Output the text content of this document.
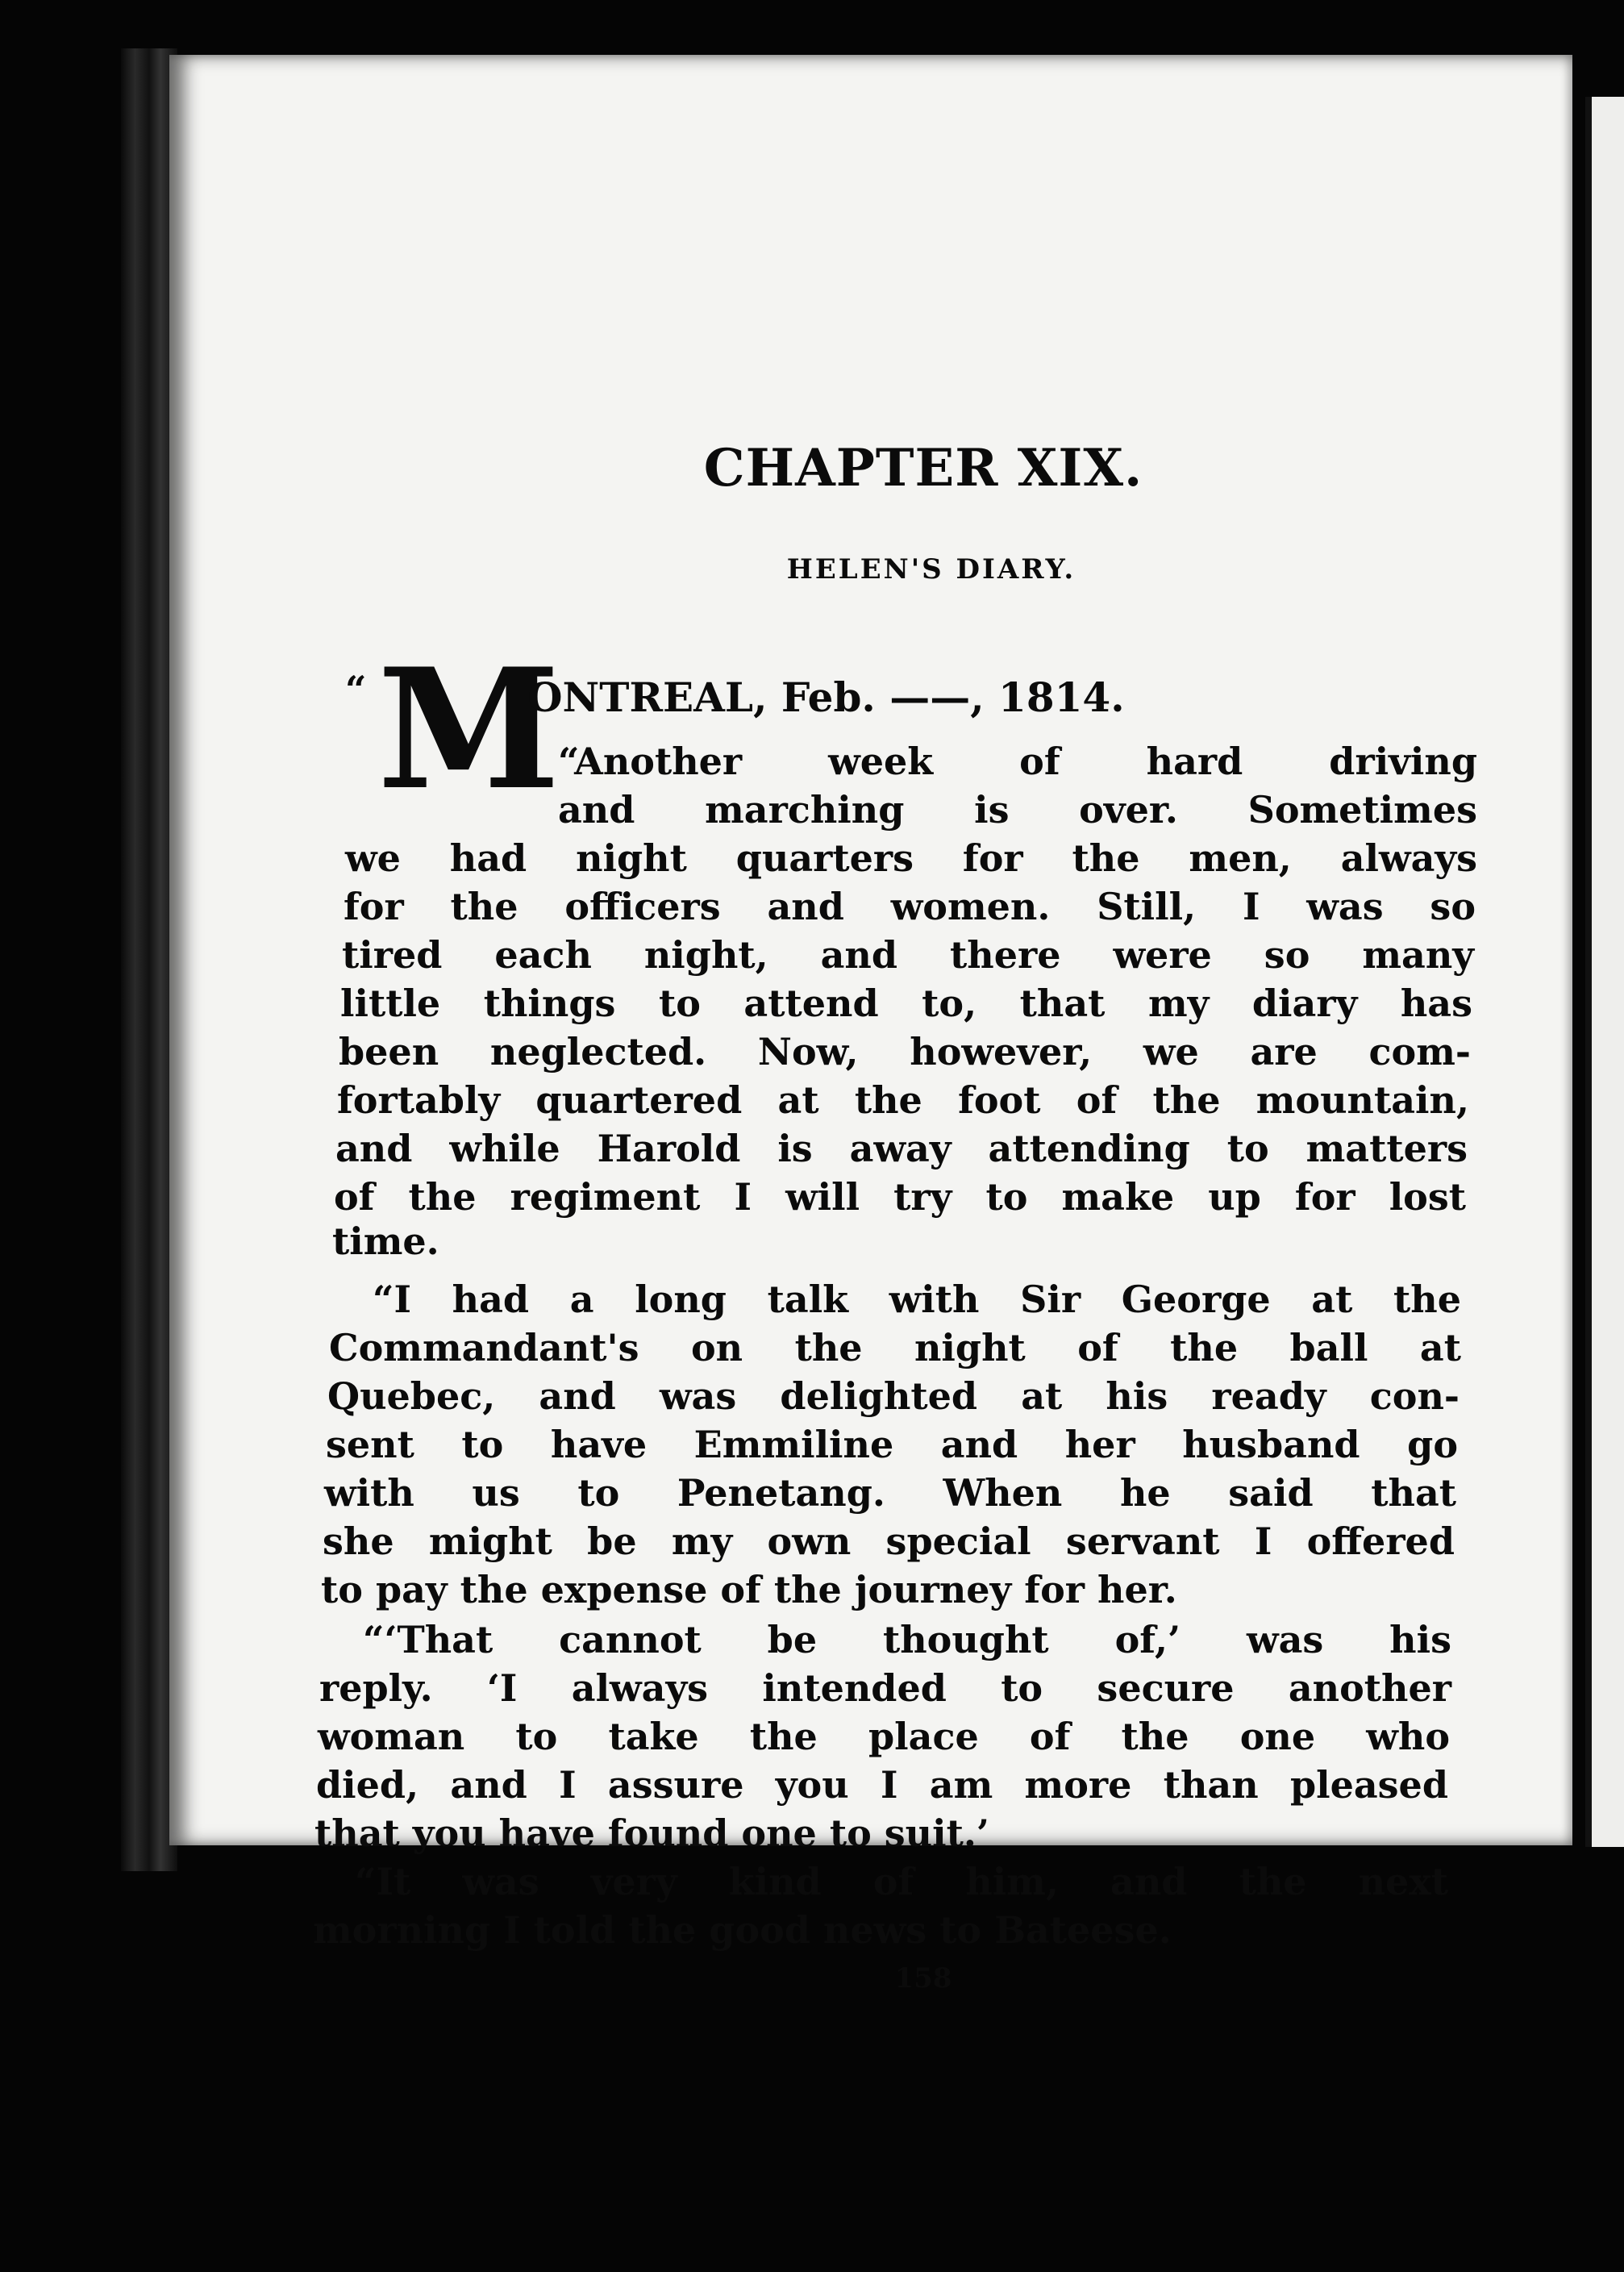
CHAPTER XIX.
HELEN'S DIARY.
“ M

ONTREAL, Feb. ——, 1814.

“Another week of hard driving

and marching is over. Sometimes

we had night quarters for the men, always

for the officers and women. Still, I was so

tired each night, and there were so many

little things to attend to, that my diary has

been neglected. Now, however, we are com-

fortably quartered at the foot of the mountain,

and while Harold is away attending to matters

of the regiment I will try to make up for lost

time.

“I had a long talk with Sir George at the

Commandant's on the night of the ball at

Quebec, and was delighted at his ready con-

sent to have Emmiline and her husband go

with us to Penetang. When he said that

she might be my own special servant I offered

to pay the expense of the journey for her.

“‘That cannot be thought of,’ was his

reply. ‘I always intended to secure another

woman to take the place of the one who

died, and I assure you I am more than pleased

that you have found one to suit.’

“It was very kind of him, and the next

morning I told the good news to Bateese.

158
